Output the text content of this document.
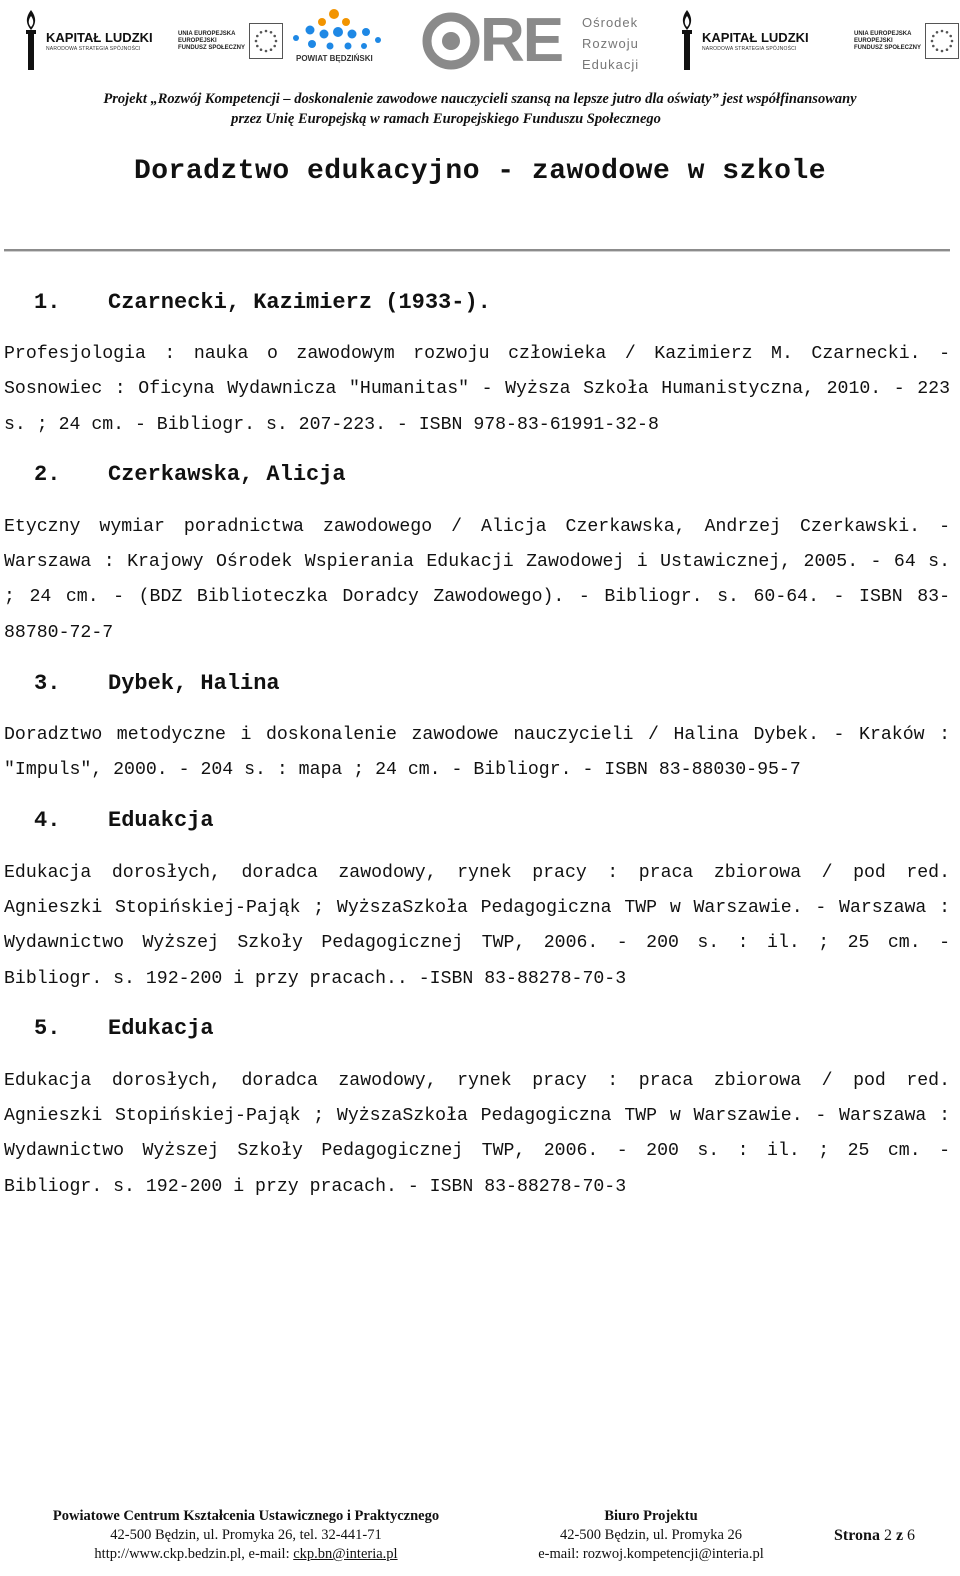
KAPITAŁ LUDZKI
NARODOWA STRATEGIA SPÓJNOŚCI
UNIA EUROPEJSKA
EUROPEJSKI
FUNDUSZ SPOŁECZNY
POWIAT BĘDZIŃSKI RE Ośrodek
Rozwoju
Edukacji
KAPITAŁ LUDZKI
NARODOWA STRATEGIA SPÓJNOŚCI
UNIA EUROPEJSKA
EUROPEJSKI
FUNDUSZ SPOŁECZNY
Projekt „Rozwój Kompetencji – doskonalenie zawodowe nauczycieli szansą na lepsze jutro dla oświaty” jest współfinansowany
przez Unię Europejską w ramach Europejskiego Funduszu Społecznego
Doradztwo edukacyjno - zawodowe w szkole
1.	Czarnecki, Kazimierz (1933-).

Profesjologia : nauka o zawodowym rozwoju człowieka / Kazimierz M. Czarnecki. - Sosnowiec : Oficyna Wydawnicza "Humanitas" - Wyższa Szkoła Humanistyczna, 2010. - 223 s. ; 24 cm. - Bibliogr. s. 207-223. - ISBN 978-83-61991-32-8

2.	Czerkawska, Alicja

Etyczny wymiar poradnictwa zawodowego / Alicja Czerkawska, Andrzej Czerkawski. - Warszawa : Krajowy Ośrodek Wspierania Edukacji Zawodowej i Ustawicznej, 2005. - 64 s. ; 24 cm. - (BDZ Biblioteczka Doradcy Zawodowego). - Bibliogr. s. 60-64. - ISBN 83-88780-72-7

3.	Dybek, Halina

Doradztwo metodyczne i doskonalenie zawodowe nauczycieli / Halina Dybek. - Kraków : "Impuls", 2000. - 204 s. : mapa ; 24 cm. - Bibliogr. - ISBN 83-88030-95-7

4.	Eduakcja

Edukacja dorosłych, doradca zawodowy, rynek pracy : praca zbiorowa / pod red. Agnieszki Stopińskiej-Pająk ; WyższaSzkoła Pedagogiczna TWP w Warszawie. - Warszawa : Wydawnictwo Wyższej Szkoły Pedagogicznej TWP, 2006. - 200 s. : il. ; 25 cm. - Bibliogr. s. 192-200 i przy pracach.. -ISBN 83-88278-70-3

5.	Edukacja

Edukacja dorosłych, doradca zawodowy, rynek pracy : praca zbiorowa / pod red. Agnieszki Stopińskiej-Pająk ; WyższaSzkoła Pedagogiczna TWP w Warszawie. - Warszawa : Wydawnictwo Wyższej Szkoły Pedagogicznej TWP, 2006. - 200 s. : il. ; 25 cm. - Bibliogr. s. 192-200 i przy pracach. - ISBN 83-88278-70-3

Powiatowe Centrum Kształcenia Ustawicznego i Praktycznego
42-500 Będzin, ul. Promyka 26, tel. 32-441-71
http://www.ckp.bedzin.pl, e-mail: ckp.bn@interia.pl
Biuro Projektu
42-500 Będzin, ul. Promyka 26
e-mail: rozwoj.kompetencji@interia.pl
Strona 2 z 6
